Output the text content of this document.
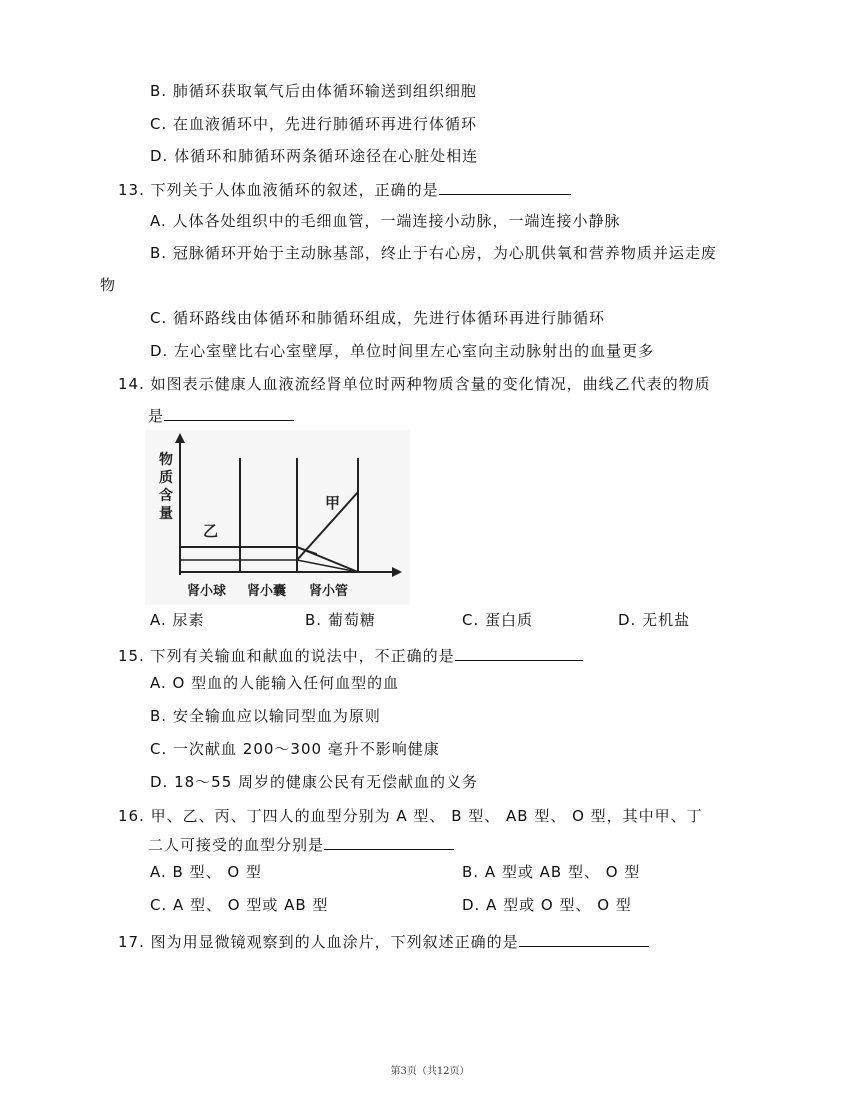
B. 肺循环获取氧气后由体循环输送到组织细胞
C. 在血液循环中，先进行肺循环再进行体循环
D. 体循环和肺循环两条循环途径在心脏处相连
13. 下列关于人体血液循环的叙述，正确的是
A. 人体各处组织中的毛细血管，一端连接小动脉，一端连接小静脉
B. 冠脉循环开始于主动脉基部，终止于右心房，为心肌供氧和营养物质并运走废
物
C. 循环路线由体循环和肺循环组成，先进行体循环再进行肺循环
D. 左心室壁比右心室壁厚，单位时间里左心室向主动脉射出的血量更多
14. 如图表示健康人血液流经肾单位时两种物质含量的变化情况，曲线乙代表的物质
是
物
质
含
量
甲
乙
肾小球 肾小囊 肾小管
A. 尿素	B. 葡萄糖	C. 蛋白质	D. 无机盐
15. 下列有关输血和献血的说法中，不正确的是
A. O 型血的人能输入任何血型的血
B. 安全输血应以输同型血为原则
C. 一次献血 200～300 毫升不影响健康
D. 18～55 周岁的健康公民有无偿献血的义务
16. 甲、乙、丙、丁四人的血型分别为 A 型、 B 型、 AB 型、 O 型，其中甲、丁
二人可接受的血型分别是
A. B 型、 O 型	B. A 型或 AB 型、 O 型
C. A 型、 O 型或 AB 型	D. A 型或 O 型、 O 型
17. 图为用显微镜观察到的人血涂片，下列叙述正确的是
第3页（共12页）
